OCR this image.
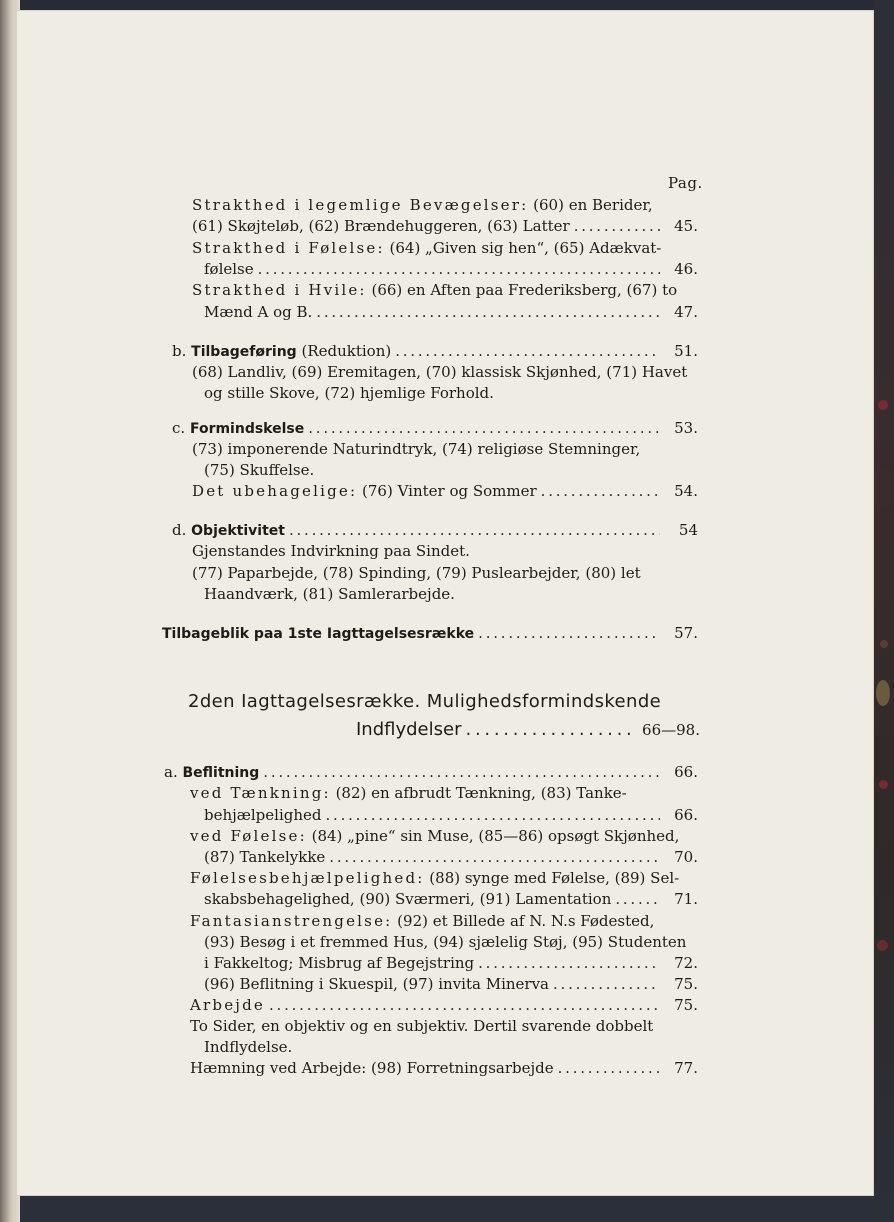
Pag.
Strakthed i legemlige Bevægelser: (60) en Berider,
(61) Skøjteløb, (62) Brændehuggeren, (63) Latter . . .	45.
Strakthed i Følelse: (64) „Given sig hen“, (65) Adækvat-
følelse . . .	46.
Strakthed i Hvile: (66) en Aften paa Frederiksberg, (67) to
Mænd A og B. . . .	47.
b. Tilbageføring (Reduktion) . . .	51.
(68) Landliv, (69) Eremitagen, (70) klassisk Skjønhed, (71) Havet
og stille Skove, (72) hjemlige Forhold.
c. Formindskelse . . .	53.
(73) imponerende Naturindtryk, (74) religiøse Stemninger,
(75) Skuffelse.
Det ubehagelige: (76) Vinter og Sommer . . .	54.
d. Objektivitet . . .	54
Gjenstandes Indvirkning paa Sindet.
(77) Paparbejde, (78) Spinding, (79) Puslearbejder, (80) let
Haandværk, (81) Samlerarbejde.
Tilbageblik paa 1ste Iagttagelsesrække . . .	57.
2den Iagttagelsesrække. Mulighedsformindskende
Indflydelser . . .	66—98.
a. Beflitning . . .	66.
ved Tænkning: (82) en afbrudt Tænkning, (83) Tanke-
behjælpelighed . . .	66.
ved Følelse: (84) „pine“ sin Muse, (85—86) opsøgt Skjønhed,
(87) Tankelykke . . .	70.
Følelsesbehjælpelighed: (88) synge med Følelse, (89) Sel-
skabsbehagelighed, (90) Sværmeri, (91) Lamentation . . .	71.
Fantasianstrengelse: (92) et Billede af N. N.s Fødested,
(93) Besøg i et fremmed Hus, (94) sjælelig Støj, (95) Studenten
i Fakkeltog; Misbrug af Begejstring . . .	72.
(96) Beflitning i Skuespil, (97) invita Minerva . . .	75.
Arbejde . . .	75.
To Sider, en objektiv og en subjektiv. Dertil svarende dobbelt
Indflydelse.
Hæmning ved Arbejde: (98) Forretningsarbejde . . .	77.
